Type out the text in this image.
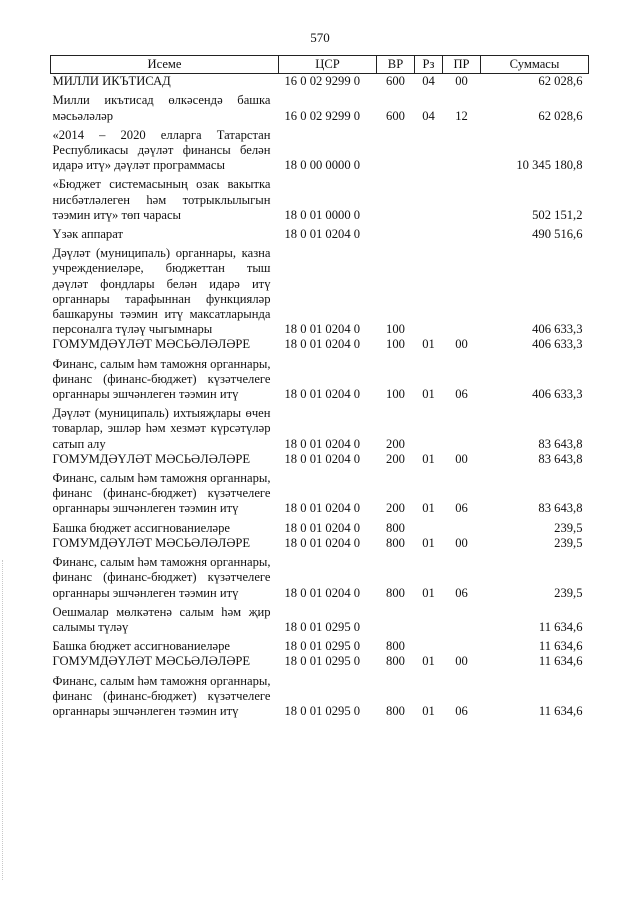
570
Исеме	ЦСР	ВР	Рз	ПР	Суммасы
МИЛЛИ ИКЪТИСАД	16 0 02 9299 0	600	04	00	62 028,6
Милли икътисад өлкәсендә башка мәсьәләләр	16 0 02 9299 0	600	04	12	62 028,6
«2014 – 2020 елларга Татарстан Республикасы дәүләт финансы белән идарә итү» дәүләт программасы	18 0 00 0000 0				10 345 180,8
«Бюджет системасының озак вакытка нисбәтләлеген һәм тотрыклылыгын тәэмин итү» төп чарасы	18 0 01 0000 0				502 151,2
Үзәк аппарат	18 0 01 0204 0				490 516,6
Дәүләт (муниципаль) органнары, казна учреждениеләре, бюджеттан тыш дәүләт фондлары белән идарә итү органнары тарафыннан функцияләр башкаруны тәэмин итү максатларында персоналга түләү чыгымнары	18 0 01 0204 0	100			406 633,3
ГОМУМДӘҮЛӘТ МӘСЬӘЛӘЛӘРЕ	18 0 01 0204 0	100	01	00	406 633,3
Финанс, салым һәм таможня органнары, финанс (финанс-бюджет) күзәтчелеге органнары эшчәнлеген тәэмин итү	18 0 01 0204 0	100	01	06	406 633,3
Дәүләт (муниципаль) ихтыяҗлары өчен товарлар, эшләр һәм хезмәт күрсәтүләр сатып алу	18 0 01 0204 0	200			83 643,8
ГОМУМДӘҮЛӘТ МӘСЬӘЛӘЛӘРЕ	18 0 01 0204 0	200	01	00	83 643,8
Финанс, салым һәм таможня органнары, финанс (финанс-бюджет) күзәтчелеге органнары эшчәнлеген тәэмин итү	18 0 01 0204 0	200	01	06	83 643,8
Башка бюджет ассигнованиеләре	18 0 01 0204 0	800			239,5
ГОМУМДӘҮЛӘТ МӘСЬӘЛӘЛӘРЕ	18 0 01 0204 0	800	01	00	239,5
Финанс, салым һәм таможня органнары, финанс (финанс-бюджет) күзәтчелеге органнары эшчәнлеген тәэмин итү	18 0 01 0204 0	800	01	06	239,5
Оешмалар мөлкәтенә салым һәм җир салымы түләү	18 0 01 0295 0				11 634,6
Башка бюджет ассигнованиеләре	18 0 01 0295 0	800			11 634,6
ГОМУМДӘҮЛӘТ МӘСЬӘЛӘЛӘРЕ	18 0 01 0295 0	800	01	00	11 634,6
Финанс, салым һәм таможня органнары, финанс (финанс-бюджет) күзәтчелеге органнары эшчәнлеген тәэмин итү	18 0 01 0295 0	800	01	06	11 634,6
